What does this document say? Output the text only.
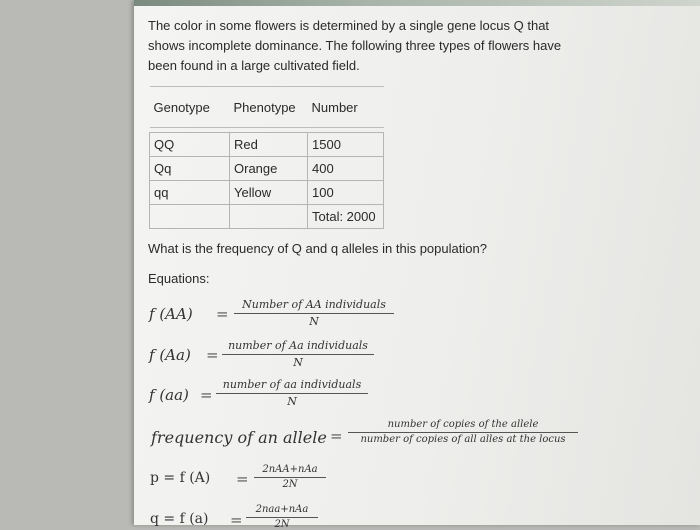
The color in some flowers is determined by a single gene locus Q that shows incomplete dominance. The following three types of flowers have been found in a large cultivated field.
Genotype	Phenotype	Number

QQ	Red	1500
Qq	Orange	400
qq	Yellow	100
		Total: 2000
What is the frequency of Q and q alleles in this population?
Equations:
f (AA) =
Number of AA individuals
N
f (Aa) =
number of Aa individuals
N
f (aa) =
number of aa individuals
N
frequency of an allele =
number of copies of the allele
number of copies of all alles at the locus
p = f (A) =
2nAA+nAa
2N
q = f (a) =
2naa+nAa
2N
